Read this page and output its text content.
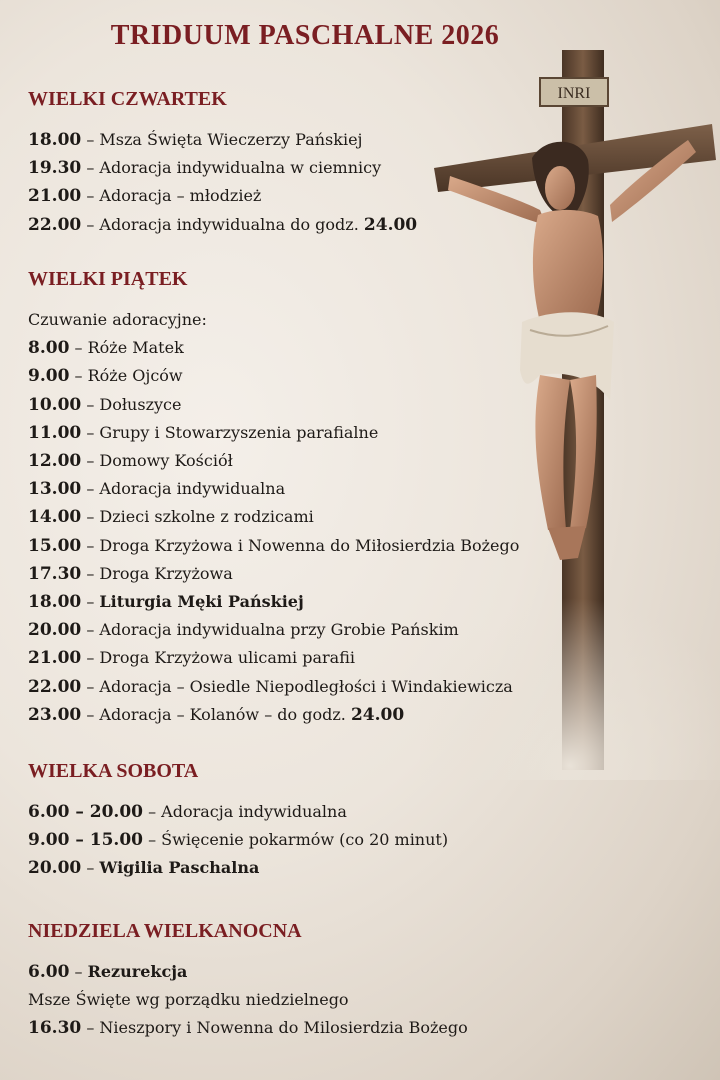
INRI
TRIDUUM PASCHALNE 2026
WIELKI CZWARTEK
18.00 – Msza Święta Wieczerzy Pańskiej
19.30 – Adoracja indywidualna w ciemnicy
21.00 – Adoracja – młodzież
22.00 – Adoracja indywidualna do godz. 24.00
WIELKI PIĄTEK
Czuwanie adoracyjne:
8.00 – Róże Matek
9.00 – Róże Ojców
10.00 – Dołuszyce
11.00 – Grupy i Stowarzyszenia parafialne
12.00 – Domowy Kościół
13.00 – Adoracja indywidualna
14.00 – Dzieci szkolne z rodzicami
15.00 – Droga Krzyżowa i Nowenna do Miłosierdzia Bożego
17.30 – Droga Krzyżowa
18.00 – Liturgia Męki Pańskiej
20.00 – Adoracja indywidualna przy Grobie Pańskim
21.00 – Droga Krzyżowa ulicami parafii
22.00 – Adoracja – Osiedle Niepodległości i Windakiewicza
23.00 – Adoracja – Kolanów – do godz. 24.00
WIELKA SOBOTA
6.00 – 20.00 – Adoracja indywidualna
9.00 – 15.00 – Święcenie pokarmów (co 20 minut)
20.00 – Wigilia Paschalna
NIEDZIELA WIELKANOCNA
6.00 – Rezurekcja
Msze Święte wg porządku niedzielnego
16.30 – Nieszpory i Nowenna do Milosierdzia Bożego
